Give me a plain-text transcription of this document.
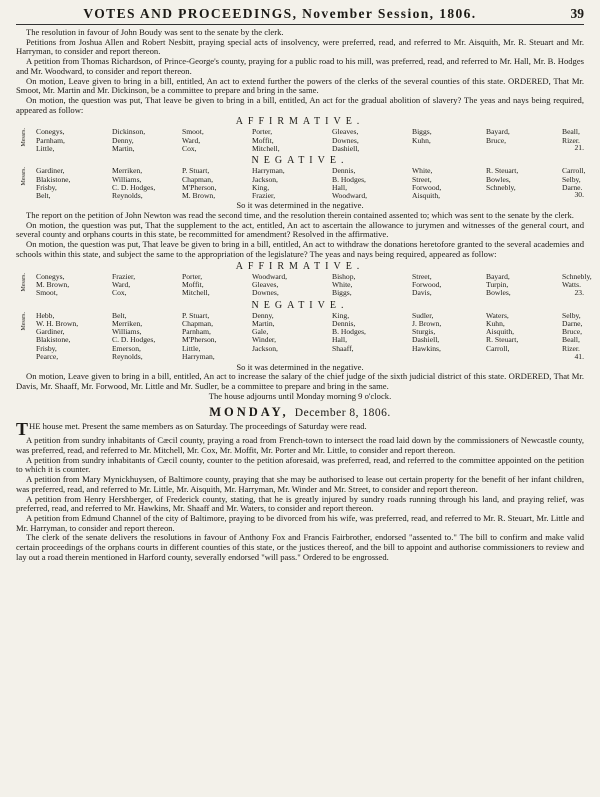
VOTES AND PROCEEDINGS, November Session, 1806.	39

The resolution in favour of John Boudy was sent to the senate by the clerk.

Petitions from Joshua Allen and Robert Nesbitt, praying special acts of insolvency, were preferred, read, and referred to Mr. Aisquith, Mr. R. Steuart and Mr. Harryman, to consider and report thereon.

A petition from Thomas Richardson, of Prince-George's county, praying for a public road to his mill, was preferred, read, and referred to Mr. Hall, Mr. B. Hodges and Mr. Woodward, to consider and report thereon.

On motion, Leave given to bring in a bill, entitled, An act to extend further the powers of the clerks of the several counties of this state. ORDERED, That Mr. Smoot, Mr. Martin and Mr. Dickinson, be a committee to prepare and bring in the same.

On motion, the question was put, That leave be given to bring in a bill, entitled, An act for the gradual abolition of slavery? The yeas and nays being required, appeared as follow:

AFFIRMATIVE.
Messrs. Conegys,
Parnham,
Little,
Dickinson,
Denny,
Martin,
Smoot,
Ward,
Cox,
Porter,
Moffit,
Mitchell,
Gleaves,
Downes,
Dashiell,
Biggs,
Kuhn,
Bayard,
Bruce,
Beall,
Rizer.
21.
NEGATIVE.
Messrs. Gardiner,
Blakistone,
Frisby,
Belt,
Merriken,
Williams,
C. D. Hodges,
Reynolds,
P. Stuart,
Chapman,
M'Pherson,
M. Brown,
Harryman,
Jackson,
King,
Frazier,
Dennis,
B. Hodges,
Hall,
Woodward,
White,
Street,
Forwood,
Aisquith,
R. Steuart,
Bowles,
Schnebly,
Carroll,
Selby,
Darne.
30.

So it was determined in the negative.

The report on the petition of John Newton was read the second time, and the resolution therein contained assented to; which was sent to the senate by the clerk.

On motion, the question was put, That the supplement to the act, entitled, An act to ascertain the allowance to jurymen and witnesses of the general court, and several county and orphans courts in this state, be recommitted for amendment? Resolved in the affirmative.

On motion, the question was put, That leave be given to bring in a bill, entitled, An act to withdraw the donations heretofore granted to the several academies and schools within this state, and subject the same to the appropriation of the legislature? The yeas and nays being required, appeared as follow:

AFFIRMATIVE.
Messrs. Conegys,
M. Brown,
Smoot,
Frazier,
Ward,
Cox,
Porter,
Moffit,
Mitchell,
Woodward,
Gleaves,
Downes,
Bishop,
White,
Biggs,
Street,
Forwood,
Davis,
Bayard,
Turpin,
Bowles,
Schnebly,
Watts.
23.
NEGATIVE.
Messrs. Hebb,
W. H. Brown,
Gardiner,
Blakistone,
Frisby,
Pearce,
Belt,
Merriken,
Williams,
C. D. Hodges,
Emerson,
Reynolds,
P. Stuart,
Chapman,
Parnham,
M'Pherson,
Little,
Harryman,
Denny,
Martin,
Gale,
Winder,
Jackson,
King,
Dennis,
B. Hodges,
Hall,
Shaaff,
Sudler,
J. Brown,
Sturgis,
Dashiell,
Hawkins,
Waters,
Kuhn,
Aisquith,
R. Steuart,
Carroll,
Selby,
Darne,
Bruce,
Beall,
Rizer.
41.

So it was determined in the negative.

On motion, Leave given to bring in a bill, entitled, An act to increase the salary of the chief judge of the sixth judicial district of this state. ORDERED, That Mr. Davis, Mr. Shaaff, Mr. Forwood, Mr. Little and Mr. Sudler, be a committee to prepare and bring in the same.

The house adjourns until Monday morning 9 o'clock.

MONDAY, December 8, 1806.

THE house met. Present the same members as on Saturday. The proceedings of Saturday were read.

A petition from sundry inhabitants of Cæcil county, praying a road from French-town to intersect the road laid down by the commissioners of Newcastle county, was preferred, read, and referred to Mr. Mitchell, Mr. Cox, Mr. Moffit, Mr. Porter and Mr. Little, to consider and report thereon.

A petition from sundry inhabitants of Cæcil county, counter to the petition aforesaid, was preferred, read, and referred to the committee appointed on the petition to which it is counter.

A petition from Mary Mynickhuysen, of Baltimore county, praying that she may be authorised to lease out certain property for the benefit of her infant children, was preferred, read, and referred to Mr. Little, Mr. Aisquith, Mr. Harryman, Mr. Winder and Mr. Street, to consider and report thereon.

A petition from Henry Hershberger, of Frederick county, stating, that he is greatly injured by sundry roads running through his land, and praying relief, was preferred, read, and referred to Mr. Hawkins, Mr. Shaaff and Mr. Waters, to consider and report thereon.

A petition from Edmund Channel of the city of Baltimore, praying to be divorced from his wife, was preferred, read, and referred to Mr. R. Steuart, Mr. Little and Mr. Harryman, to consider and report thereon.

The clerk of the senate delivers the resolutions in favour of Anthony Fox and Francis Fairbrother, endorsed "assented to." The bill to confirm and make valid certain proceedings of the orphans courts in different counties of this state, or the justices thereof, and the bill to appoint and authorise commissioners to review and lay out a road therein mentioned in Harford county, severally endorsed "will pass." Ordered to be engrossed.
